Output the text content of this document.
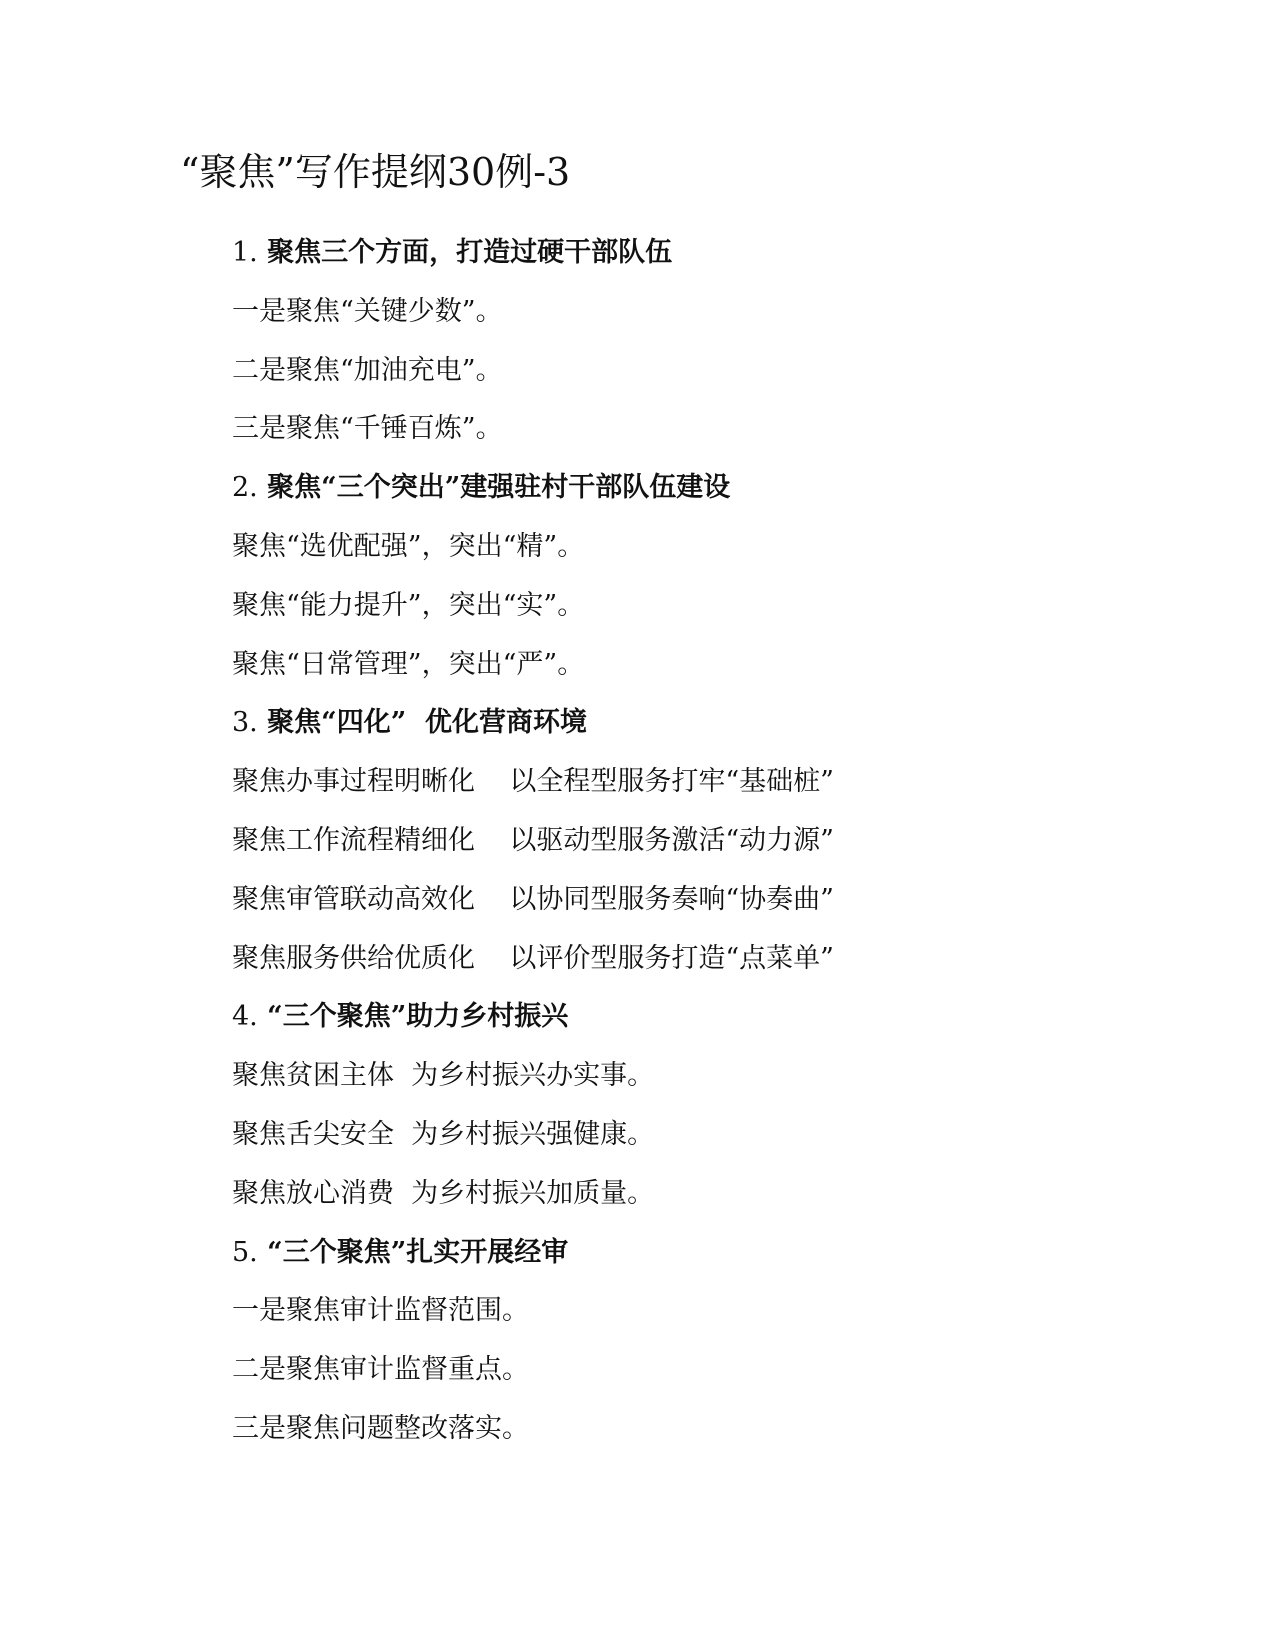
“聚焦”写作提纲30例-3
1. 聚焦三个方面，打造过硬干部队伍
一是聚焦“关键少数”。
二是聚焦“加油充电”。
三是聚焦“千锤百炼”。
2. 聚焦“三个突出”建强驻村干部队伍建设
聚焦“选优配强”，突出“精”。
聚焦“能力提升”，突出“实”。
聚焦“日常管理”，突出“严”。
3. 聚焦“四化”  优化营商环境
聚焦办事过程明晰化    以全程型服务打牢“基础桩”
聚焦工作流程精细化    以驱动型服务激活“动力源”
聚焦审管联动高效化    以协同型服务奏响“协奏曲”
聚焦服务供给优质化    以评价型服务打造“点菜单”
4. “三个聚焦”助力乡村振兴
聚焦贫困主体  为乡村振兴办实事。
聚焦舌尖安全  为乡村振兴强健康。
聚焦放心消费  为乡村振兴加质量。
5. “三个聚焦”扎实开展经审
一是聚焦审计监督范围。
二是聚焦审计监督重点。
三是聚焦问题整改落实。
